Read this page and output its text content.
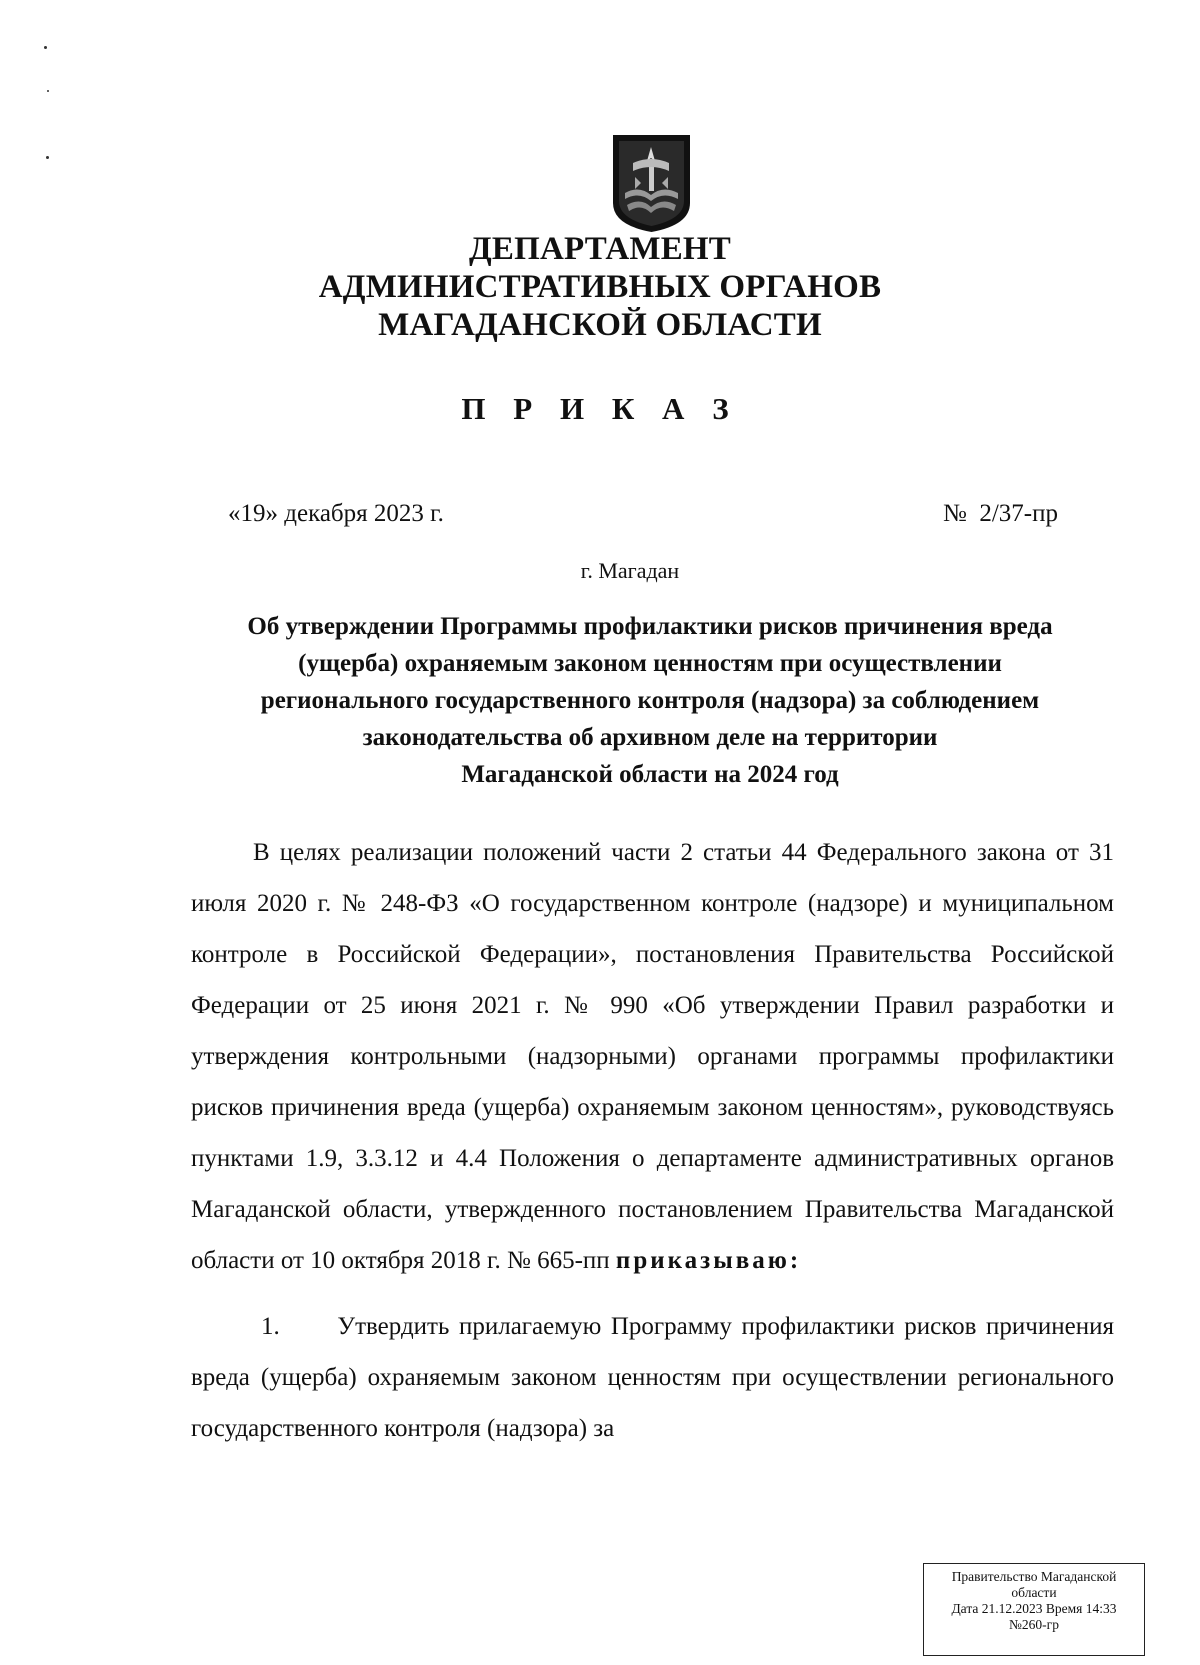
ДЕПАРТАМЕНТ
АДМИНИСТРАТИВНЫХ ОРГАНОВ
МАГАДАНСКОЙ ОБЛАСТИ
П Р И К А З
«19» декабря 2023 г.	№  2/37-пр
г. Магадан
Об утверждении Программы профилактики рисков причинения вреда
(ущерба) охраняемым законом ценностям при осуществлении
регионального государственного контроля (надзора) за соблюдением
законодательства об архивном деле на территории
Магаданской области на 2024 год
В целях реализации положений части 2 статьи 44 Федерального закона от 31 июля 2020 г. № 248-ФЗ «О государственном контроле (надзоре) и муниципальном контроле в Российской Федерации», постановления Правительства Российской Федерации от 25 июня 2021 г. № 990 «Об утверждении Правил разработки и утверждения контрольными (надзорными) органами программы профилактики рисков причинения вреда (ущерба) охраняемым законом ценностям», руководствуясь пунктами 1.9, 3.3.12 и 4.4 Положения о департаменте административных органов Магаданской области, утвержденного постановлением Правительства Магаданской области от 10 октября 2018 г. № 665-пп приказываю:
1. Утвердить прилагаемую Программу профилактики рисков причинения вреда (ущерба) охраняемым законом ценностям при осуществлении регионального государственного контроля (надзора) за
Правительство Магаданской
области
Дата 21.12.2023 Время 14:33
№260-гр
